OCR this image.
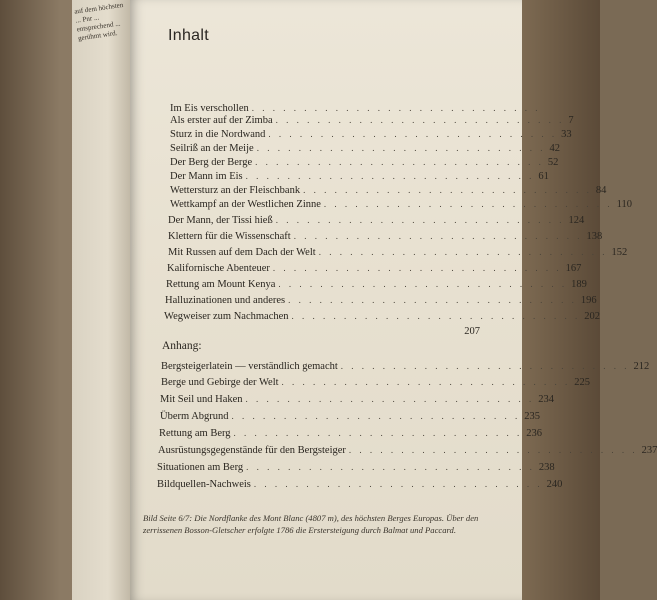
auf dem höchsten ... Pnr ... entsprechend ... gerühmt wird.	Inhalt
Im Eis verschollen . . . . . . . . . . . . . . . . . . . . . . . . . . . .
Als erster auf der Zimba . . . . . . . . . . . . . . . . . . . . . . . . . . . . 7
Sturz in die Nordwand . . . . . . . . . . . . . . . . . . . . . . . . . . . . 33
Seilriß an der Meije . . . . . . . . . . . . . . . . . . . . . . . . . . . . 42
Der Berg der Berge . . . . . . . . . . . . . . . . . . . . . . . . . . . . 52
Der Mann im Eis . . . . . . . . . . . . . . . . . . . . . . . . . . . . 61
Wettersturz an der Fleischbank . . . . . . . . . . . . . . . . . . . . . . . . . . . . 84
Wettkampf an der Westlichen Zinne . . . . . . . . . . . . . . . . . . . . . . . . . . . . 110
Der Mann, der Tissi hieß . . . . . . . . . . . . . . . . . . . . . . . . . . . . 124
Klettern für die Wissenschaft . . . . . . . . . . . . . . . . . . . . . . . . . . . . 138
Mit Russen auf dem Dach der Welt . . . . . . . . . . . . . . . . . . . . . . . . . . . . 152
Kalifornische Abenteuer . . . . . . . . . . . . . . . . . . . . . . . . . . . . 167
Rettung am Mount Kenya . . . . . . . . . . . . . . . . . . . . . . . . . . . . 189
Halluzinationen und anderes . . . . . . . . . . . . . . . . . . . . . . . . . . . . 196
Wegweiser zum Nachmachen . . . . . . . . . . . . . . . . . . . . . . . . . . . . 202
207
Anhang:
Bergsteigerlatein — verständlich gemacht . . . . . . . . . . . . . . . . . . . . . . . . . . . . 212
Berge und Gebirge der Welt . . . . . . . . . . . . . . . . . . . . . . . . . . . . 225
Mit Seil und Haken . . . . . . . . . . . . . . . . . . . . . . . . . . . . 234
Überm Abgrund . . . . . . . . . . . . . . . . . . . . . . . . . . . . 235
Rettung am Berg . . . . . . . . . . . . . . . . . . . . . . . . . . . . 236
Ausrüstungsgegenstände für den Bergsteiger . . . . . . . . . . . . . . . . . . . . . . . . . . . . 237
Situationen am Berg . . . . . . . . . . . . . . . . . . . . . . . . . . . . 238
Bildquellen-Nachweis . . . . . . . . . . . . . . . . . . . . . . . . . . . . 240
Bild Seite 6/7: Die Nordflanke des Mont Blanc (4807 m), des höchsten Berges Europas. Über den zerrissenen Bosson-Gletscher erfolgte 1786 die Erstersteigung durch Balmat und Paccard.
